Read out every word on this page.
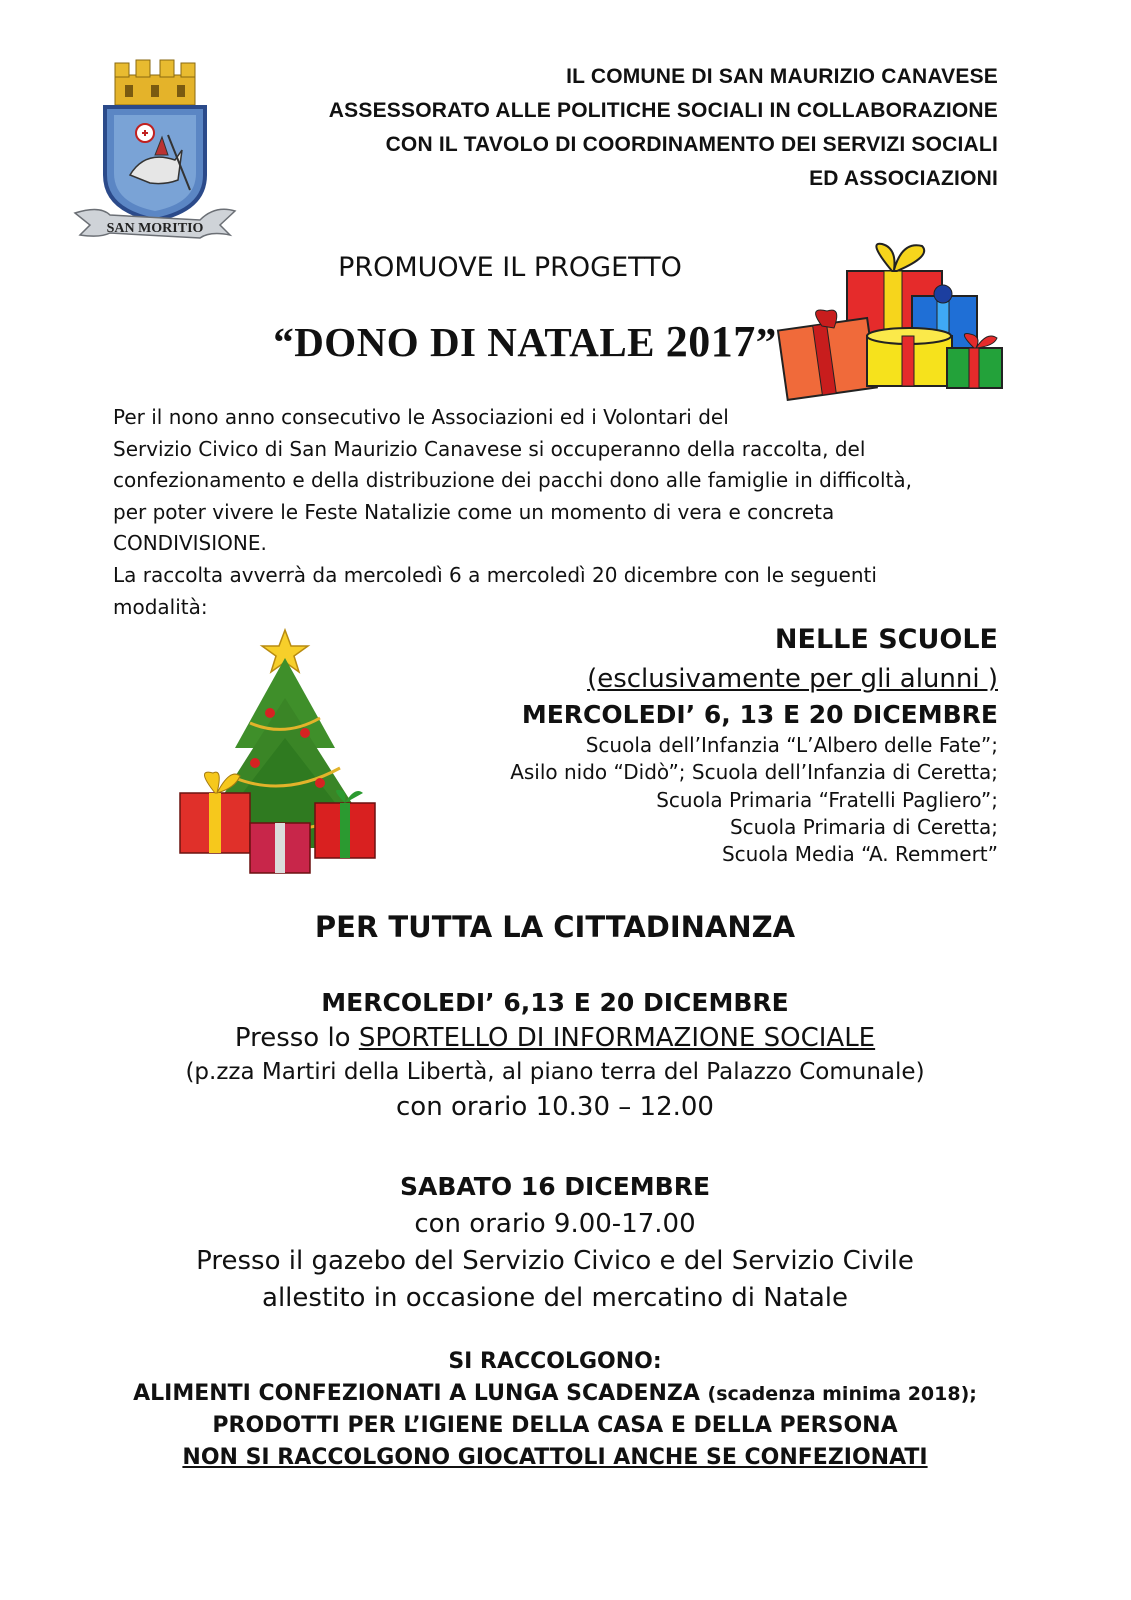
SAN MORITIO
IL COMUNE DI SAN MAURIZIO CANAVESE
ASSESSORATO ALLE POLITICHE SOCIALI IN COLLABORAZIONE
CON IL TAVOLO DI COORDINAMENTO DEI SERVIZI SOCIALI
ED ASSOCIAZIONI
PROMUOVE IL PROGETTO
“DONO DI NATALE 2017”

Per il nono anno consecutivo le Associazioni ed i Volontari del
Servizio Civico di San Maurizio Canavese si occuperanno della raccolta, del
confezionamento e della distribuzione dei pacchi dono alle famiglie in difficoltà,
per poter vivere le Feste Natalizie come un momento di vera e concreta
CONDIVISIONE.

La raccolta avverrà da mercoledì 6 a mercoledì 20 dicembre con le seguenti
modalità:

NELLE SCUOLE
(esclusivamente per gli alunni )
MERCOLEDI’ 6, 13 E 20 DICEMBRE
Scuola dell’Infanzia “L’Albero delle Fate”;
Asilo nido “Didò”; Scuola dell’Infanzia di Ceretta;
Scuola Primaria “Fratelli Pagliero”;
Scuola Primaria di Ceretta;
Scuola Media “A. Remmert”
PER TUTTA LA CITTADINANZA
MERCOLEDI’ 6,13 E 20 DICEMBRE
Presso lo SPORTELLO DI INFORMAZIONE SOCIALE
(p.zza Martiri della Libertà, al piano terra del Palazzo Comunale)
con orario 10.30 – 12.00
SABATO 16 DICEMBRE
con orario 9.00-17.00
Presso il gazebo del Servizio Civico e del Servizio Civile
allestito in occasione del mercatino di Natale
SI RACCOLGONO:
ALIMENTI CONFEZIONATI A LUNGA SCADENZA (scadenza minima 2018);
PRODOTTI PER L’IGIENE DELLA CASA E DELLA PERSONA
NON SI RACCOLGONO GIOCATTOLI ANCHE SE CONFEZIONATI
